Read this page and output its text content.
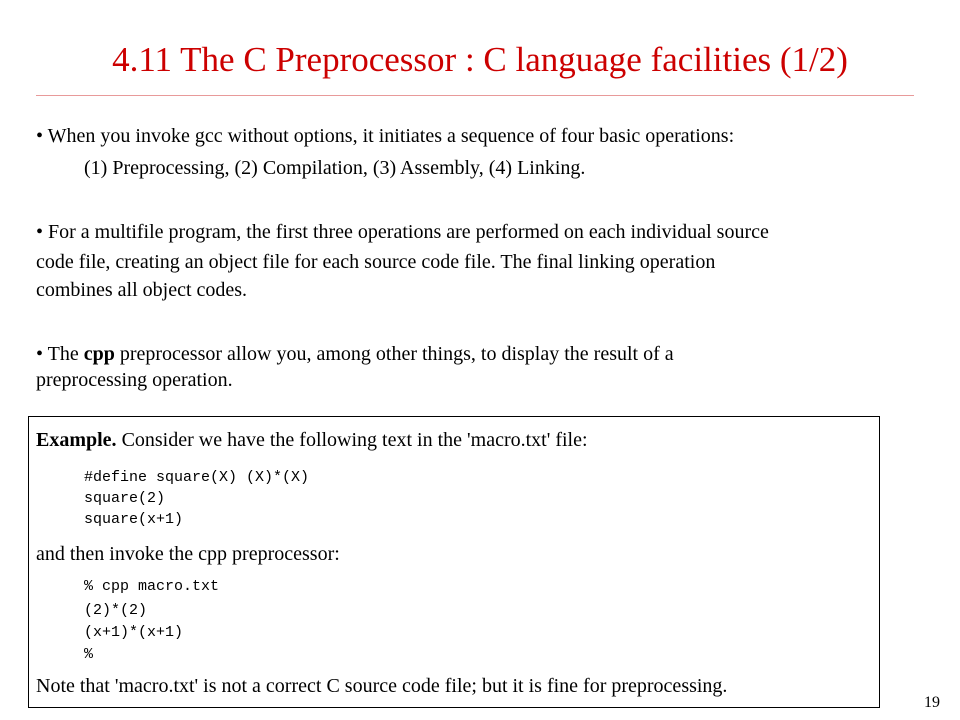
4.11 The C Preprocessor : C language facilities (1/2)
• When you invoke gcc without options, it initiates a sequence of four basic operations:
(1) Preprocessing, (2) Compilation, (3) Assembly, (4) Linking.
• For a multifile program, the first three operations are performed on each individual source
code file, creating an object file for each source code file. The final linking operation
combines all object codes.
• The cpp preprocessor allow you, among other things, to display the result of a
preprocessing operation.
Example. Consider we have the following text in the 'macro.txt' file:
#define square(X) (X)*(X)
square(2)
square(x+1)
and then invoke the cpp preprocessor:
% cpp macro.txt
(2)*(2)
(x+1)*(x+1)
%
Note that 'macro.txt' is not a correct C source code file; but it is fine for preprocessing.
19
